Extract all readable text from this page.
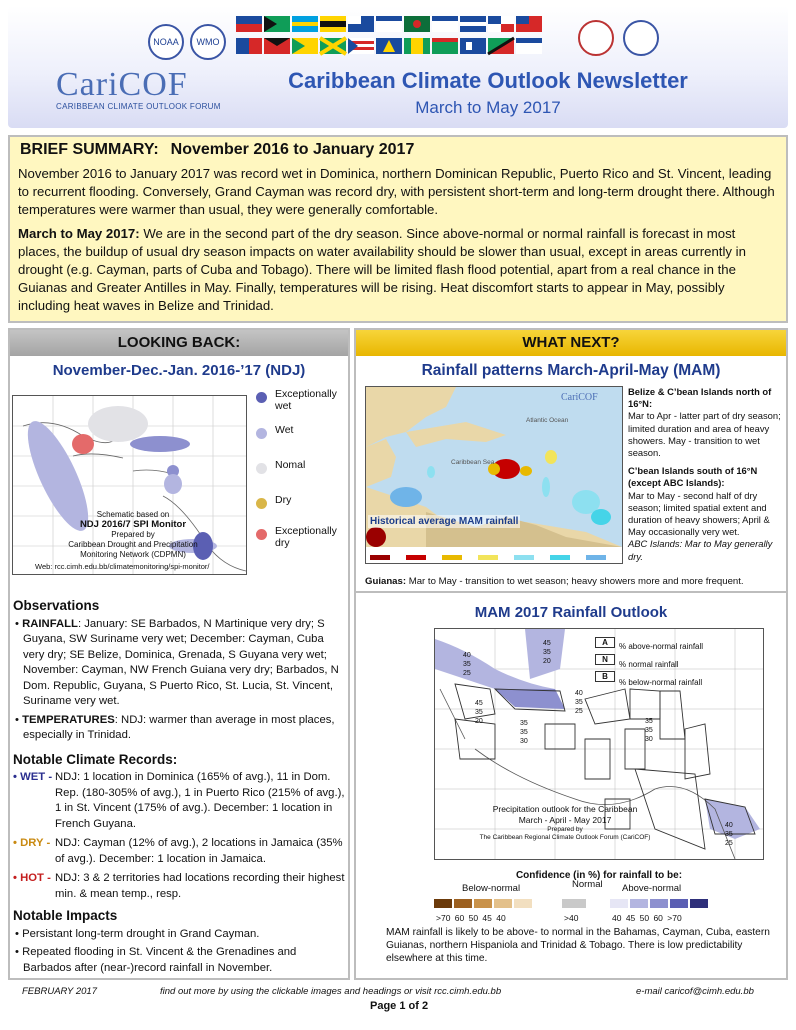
NOAA	WMO
CariCOF
CARIBBEAN CLIMATE OUTLOOK FORUM
Caribbean Climate Outlook Newsletter
March to May 2017
BRIEF SUMMARY: November 2016 to January 2017

November 2016 to January 2017 was record wet in Dominica, northern Dominican Republic, Puerto Rico and St. Vincent, leading to recurrent flooding. Conversely, Grand Cayman was record dry, with persistent short-term and long-term drought there. Although temperatures were warmer than usual, they were generally comfortable.

March to May 2017: We are in the second part of the dry season. Since above-normal or normal rainfall is forecast in most places, the buildup of usual dry season impacts on water availability should be slower than usual, except in areas currently in drought (e.g. Cayman, parts of Cuba and Tobago). There will be limited flash flood potential, apart from a real chance in the Guianas and Greater Antilles in May. Finally, temperatures will be rising. Heat discomfort starts to appear in May, possibly including heat waves in Belize and Trinidad.

LOOKING BACK:
November-Dec.-Jan. 2016-’17 (NDJ)
Schematic based on
NDJ 2016/7 SPI Monitor
Prepared by
Caribbean Drought and Precipitation
Monitoring Network (CDPMN)
Web: rcc.cimh.edu.bb/climatemonitoring/spi-monitor/
Exceptionally wet
Wet
Nomal
Dry
Exceptionally dry
Observations
• RAINFALL: January: SE Barbados, N Martinique very dry; S Guyana, SW Suriname very wet; December: Cayman, Cuba very dry; SE Belize, Dominica, Grenada, S Guyana very wet; November: Cayman, NW French Guiana very dry; Barbados, N Dom. Republic, Guyana, S Puerto Rico, St. Lucia, St. Vincent, Suriname very wet.
• TEMPERATURES: NDJ: warmer than average in most places, especially in Trinidad.
Notable Climate Records:
• WET - NDJ: 1 location in Dominica (165% of avg.), 11 in Dom. Rep. (180-305% of avg.), 1 in Puerto Rico (215% of avg.), 1 in St. Vincent (175% of avg.). December: 1 location in French Guyana.
• DRY - NDJ: Cayman (12% of avg.), 2 locations in Jamaica (35% of avg.). December: 1 location in Jamaica.
• HOT - NDJ: 3 & 2 territories had locations recording their highest min. & mean temp., resp.
Notable Impacts
• Persistant long-term drought in Grand Cayman.
• Repeated flooding in St. Vincent & the Grenadines and Barbados after (near-)record rainfall in November.
WHAT NEXT?
Rainfall patterns March-April-May (MAM)
CariCOF
Atlantic Ocean
Caribbean Sea
Historical average MAM rainfall
Belize & C’bean Islands north of 16°N:
Mar to Apr - latter part of dry season; limited duration and area of heavy showers. May - transition to wet season.
C’bean Islands south of 16°N (except ABC Islands):
Mar to May - second half of dry season; limited spatial extent and duration of heavy showers; April & May occasionally very wet.
ABC Islands: Mar to May generally dry.
Guianas: Mar to May - transition to wet season; heavy showers more and more frequent.
MAM 2017 Rainfall Outlook
40
35
25
45
35
20
40
35
25
45
35
20	35
35
30
35
35
30
40
35
25
A
N
B
% above-normal rainfall
% normal rainfall
% below-normal rainfall
Precipitation outlook for the Caribbean
March - April - May 2017
Prepared by
The Caribbean Regional Climate Outlook Forum (CariCOF)
Confidence (in %) for rainfall to be:
Below-normal	Normal Above-normal
>70 60 50 45 40	>40	40 45 50 60 >70
MAM rainfall is likely to be above- to normal in the Bahamas, Cayman, Cuba, eastern Guianas, northern Hispaniola and Trinidad & Tobago. There is low predictability elsewhere at this time.
FEBRUARY 2017	find out more by using the clickable images and headings or visit rcc.cimh.edu.bb	e-mail caricof@cimh.edu.bb
Page 1 of 2
